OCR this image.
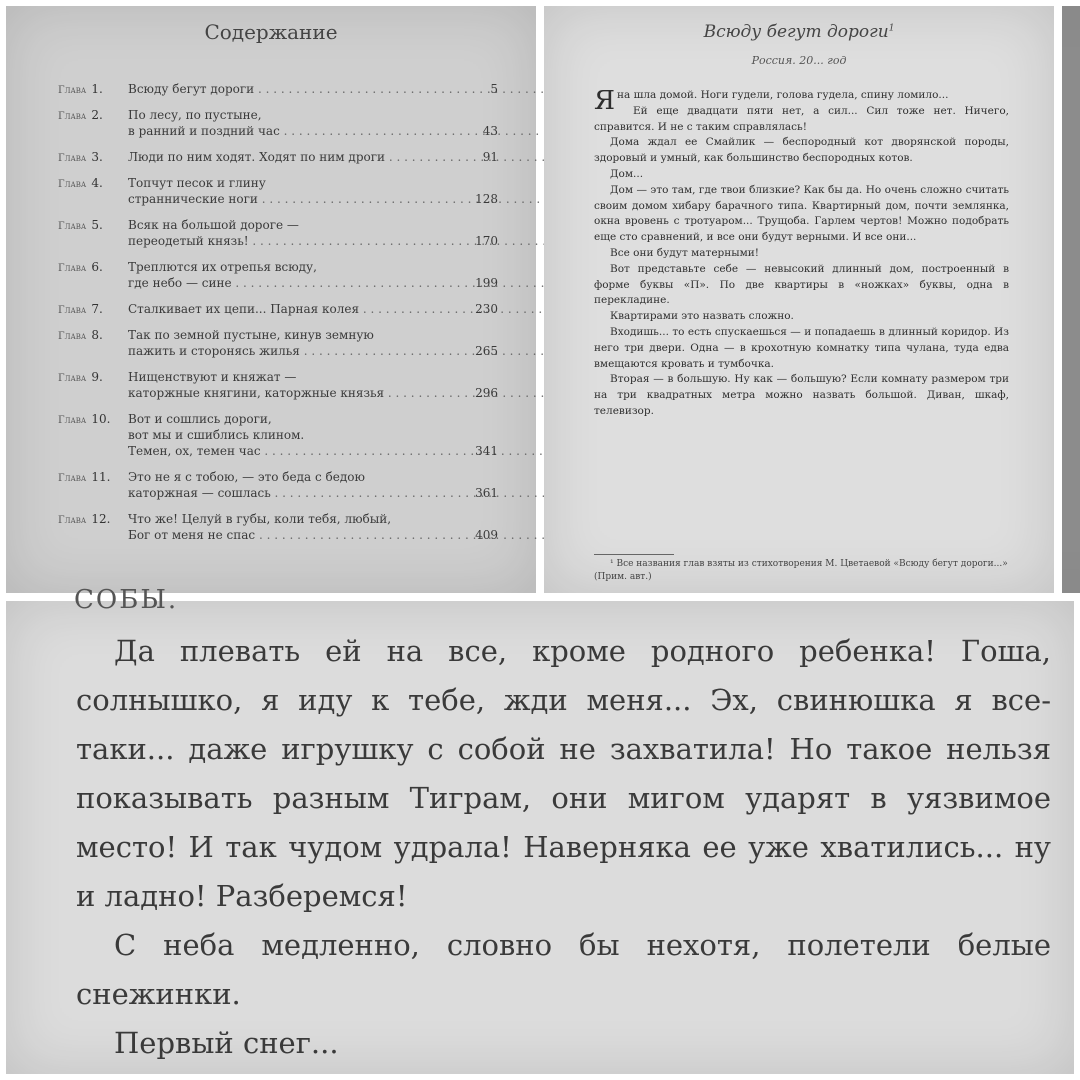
Содержание
Глава 1.	Всюду бегут дороги . . .	5
Глава 2.	По лесу, по пустыне,
в ранний и поздний час . . .	43
Глава 3.	Люди по ним ходят. Ходят по ним дроги . . .	91
Глава 4.	Топчут песок и глину
страннические ноги . . .	128
Глава 5.	Всяк на большой дороге —
переодетый князь! . . .	170
Глава 6.	Треплются их отрепья всюду,
где небо — сине . . .	199
Глава 7.	Сталкивает их цепи... Парная колея . . .	230
Глава 8.	Так по земной пустыне, кинув земную
пажить и сторонясь жилья . . .	265
Глава 9.	Нищенствуют и княжат —
каторжные княгини, каторжные князья . . .	296
Глава 10.	Вот и сошлись дороги,
вот мы и сшиблись клином.
Темен, ох, темен час . . .	341
Глава 11.	Это не я с тобою, — это беда с бедою
каторжная — сошлась . . .	361
Глава 12.	Что же! Целуй в губы, коли тебя, любый,
Бог от меня не спас . . .	409
Всюду бегут дороги$^1$
Россия. 20... год

Яна шла домой. Ноги гудели, голова гудела, спину ломило...

Ей еще двадцати пяти нет, а сил... Сил тоже нет. Ничего, справится. И не с таким справлялась!

Дома ждал ее Смайлик — беспородный кот дворянской породы, здоровый и умный, как большинство беспородных котов.

Дом...

Дом — это там, где твои близкие? Как бы да. Но очень сложно считать своим домом хибару барачного типа. Квартирный дом, почти землянка, окна вровень с тротуаром... Трущоба. Гарлем чертов! Можно подобрать еще сто сравнений, и все они будут верными. И все они...

Все они будут матерными!

Вот представьте себе — невысокий длинный дом, построенный в форме буквы «П». По две квартиры в «ножках» буквы, одна в перекладине.

Квартирами это назвать сложно.

Входишь... то есть спускаешься — и попадаешь в длинный коридор. Из него три двери. Одна — в крохотную комнатку типа чулана, туда едва вмещаются кровать и тумбочка.

Вторая — в большую. Ну как — большую? Если комнату размером три на три квадратных метра можно назвать большой. Диван, шкаф, телевизор.

¹ Все названия глав взяты из стихотворения М. Цветаевой «Всюду бегут дороги...» (Прим. авт.)
СОБЫ.

Да плевать ей на все, кроме родного ребенка! Гоша, солнышко, я иду к тебе, жди меня... Эх, свинюшка я все-таки... даже игрушку с собой не захватила! Но такое нельзя показывать разным Тиграм, они мигом ударят в уязвимое место! И так чудом удрала! Наверняка ее уже хватились... ну и ладно! Разберемся!

С неба медленно, словно бы нехотя, полетели белые снежинки.

Первый снег...
